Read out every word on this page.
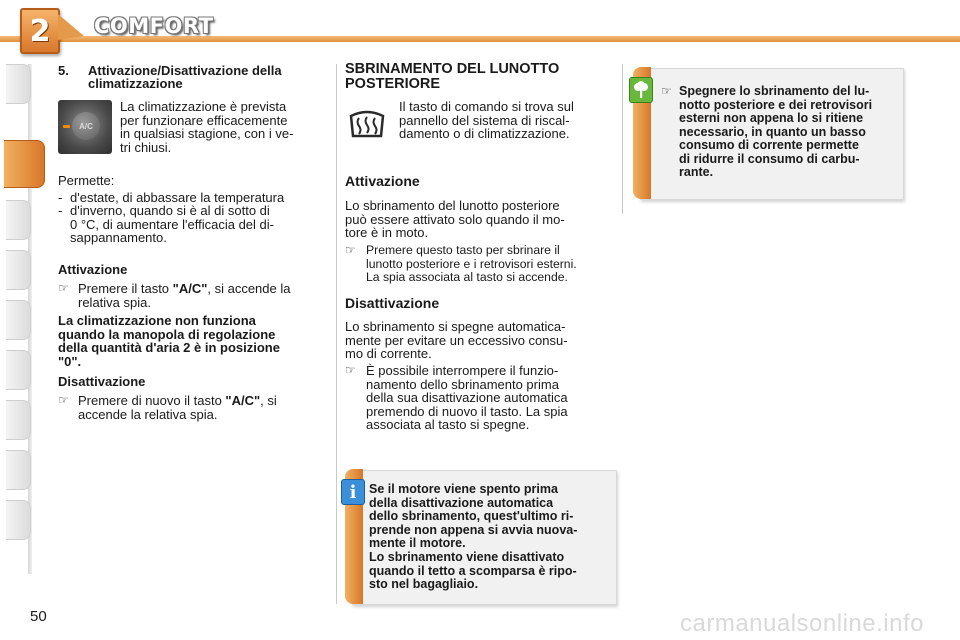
2	COMFORT
5. Attivazione/Disattivazione della
climatizzazione
A/C
La climatizzazione è prevista
per funzionare efficacemente
in qualsiasi stagione, con i ve-
tri chiusi.
Permette:
- d'estate, di abbassare la temperatura
- d'inverno, quando si è al di sotto di
0 °C, di aumentare l'efficacia del di-
sappannamento.
Attivazione
☞ Premere il tasto "A/C", si accende la
relativa spia.
La climatizzazione non funziona
quando la manopola di regolazione
della quantità d'aria 2 è in posizione
"0".
Disattivazione
☞ Premere di nuovo il tasto "A/C", si
accende la relativa spia.
SBRINAMENTO DEL LUNOTTO
POSTERIORE
Il tasto di comando si trova sul
pannello del sistema di riscal-
damento o di climatizzazione.
Attivazione
Lo sbrinamento del lunotto posteriore
può essere attivato solo quando il mo-
tore è in moto.
☞ Premere questo tasto per sbrinare il
lunotto posteriore e i retrovisori esterni.
La spia associata al tasto si accende.
Disattivazione
Lo sbrinamento si spegne automatica-
mente per evitare un eccessivo consu-
mo di corrente.
☞ È possibile interrompere il funzio-
namento dello sbrinamento prima
della sua disattivazione automatica
premendo di nuovo il tasto. La spia
associata al tasto si spegne.
i	Se il motore viene spento prima
della disattivazione automatica
dello sbrinamento, quest'ultimo ri-
prende non appena si avvia nuova-
mente il motore.
Lo sbrinamento viene disattivato
quando il tetto a scomparsa è ripo-
sto nel bagagliaio.
☞ Spegnere lo sbrinamento del lu-
notto posteriore e dei retrovisori
esterni non appena lo si ritiene
necessario, in quanto un basso
consumo di corrente permette
di ridurre il consumo di carbu-
rante.
50	carmanualsonline.info
